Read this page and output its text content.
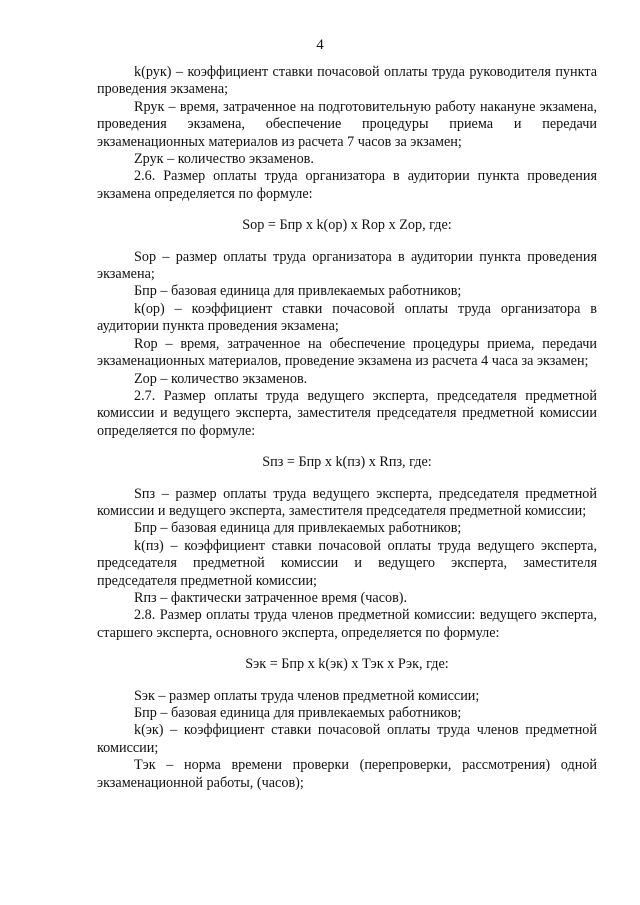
4

k(рук) – коэффициент ставки почасовой оплаты труда руководителя пункта проведения экзамена;

Rрук – время, затраченное на подготовительную работу накануне экзамена, проведения экзамена, обеспечение процедуры приема и передачи экзаменационных материалов из расчета 7 часов за экзамен;

Zрук – количество экзаменов.

2.6. Размер оплаты труда организатора в аудитории пункта проведения экзамена определяется по формуле:

Sор = Бпр х k(ор) х Rор х Zор, где:

Sор – размер оплаты труда организатора в аудитории пункта проведения экзамена;

Бпр – базовая единица для привлекаемых работников;

k(ор) – коэффициент ставки почасовой оплаты труда организатора в аудитории пункта проведения экзамена;

Rор – время, затраченное на обеспечение процедуры приема, передачи экзаменационных материалов, проведение экзамена из расчета 4 часа за экзамен;

Zор – количество экзаменов.

2.7. Размер оплаты труда ведущего эксперта, председателя предметной комиссии и ведущего эксперта, заместителя председателя предметной комиссии определяется по формуле:

Sпз = Бпр х k(пз) х Rпз, где:

Sпз – размер оплаты труда ведущего эксперта, председателя предметной комиссии и ведущего эксперта, заместителя председателя предметной комиссии;

Бпр – базовая единица для привлекаемых работников;

k(пз) – коэффициент ставки почасовой оплаты труда ведущего эксперта, председателя предметной комиссии и ведущего эксперта, заместителя председателя предметной комиссии;

Rпз – фактически затраченное время (часов).

2.8. Размер оплаты труда членов предметной комиссии: ведущего эксперта, старшего эксперта, основного эксперта, определяется по формуле:

Sэк = Бпр х k(эк) х Тэк х Рэк, где:

Sэк – размер оплаты труда членов предметной комиссии;

Бпр – базовая единица для привлекаемых работников;

k(эк) – коэффициент ставки почасовой оплаты труда членов предметной комиссии;

Тэк – норма времени проверки (перепроверки, рассмотрения) одной экзаменационной работы, (часов);
